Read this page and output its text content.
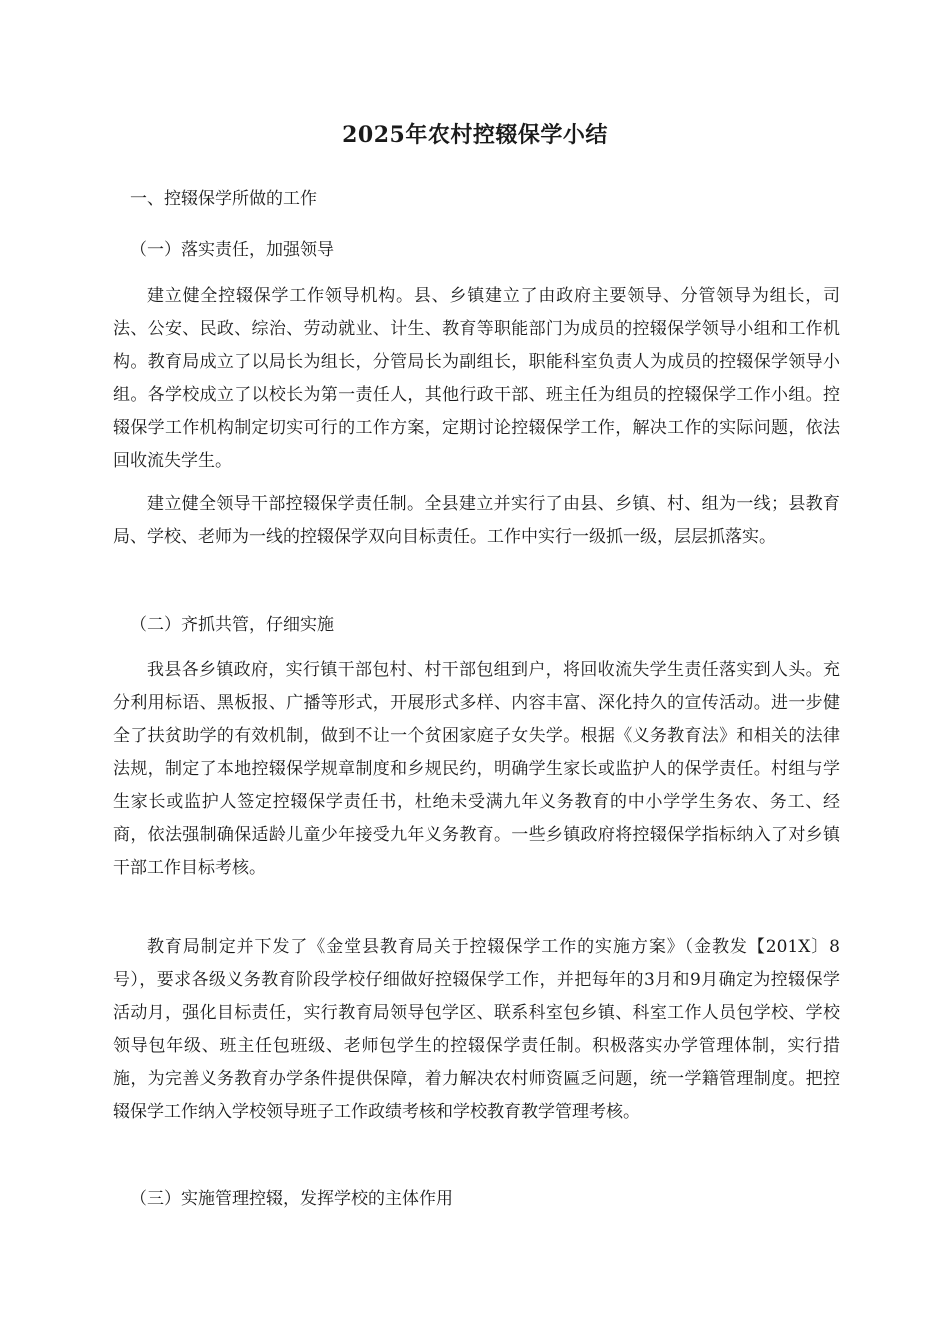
2025年农村控辍保学小结

一、控辍保学所做的工作

（一）落实责任，加强领导

建立健全控辍保学工作领导机构。县、乡镇建立了由政府主要领导、分管领导为组长，司法、公安、民政、综治、劳动就业、计生、教育等职能部门为成员的控辍保学领导小组和工作机构。教育局成立了以局长为组长，分管局长为副组长，职能科室负责人为成员的控辍保学领导小组。各学校成立了以校长为第一责任人，其他行政干部、班主任为组员的控辍保学工作小组。控辍保学工作机构制定切实可行的工作方案，定期讨论控辍保学工作，解决工作的实际问题，依法回收流失学生。

建立健全领导干部控辍保学责任制。全县建立并实行了由县、乡镇、村、组为一线；县教育局、学校、老师为一线的控辍保学双向目标责任。工作中实行一级抓一级，层层抓落实。

（二）齐抓共管，仔细实施

我县各乡镇政府，实行镇干部包村、村干部包组到户，将回收流失学生责任落实到人头。充分利用标语、黑板报、广播等形式，开展形式多样、内容丰富、深化持久的宣传活动。进一步健全了扶贫助学的有效机制，做到不让一个贫困家庭子女失学。根据《义务教育法》和相关的法律法规，制定了本地控辍保学规章制度和乡规民约，明确学生家长或监护人的保学责任。村组与学生家长或监护人签定控辍保学责任书，杜绝未受满九年义务教育的中小学学生务农、务工、经商，依法强制确保适龄儿童少年接受九年义务教育。一些乡镇政府将控辍保学指标纳入了对乡镇干部工作目标考核。

教育局制定并下发了《金堂县教育局关于控辍保学工作的实施方案》（金教发【201X〕8号），要求各级义务教育阶段学校仔细做好控辍保学工作，并把每年的3月和9月确定为控辍保学活动月，强化目标责任，实行教育局领导包学区、联系科室包乡镇、科室工作人员包学校、学校领导包年级、班主任包班级、老师包学生的控辍保学责任制。积极落实办学管理体制，实行措施，为完善义务教育办学条件提供保障，着力解决农村师资匾乏问题，统一学籍管理制度。把控辍保学工作纳入学校领导班子工作政绩考核和学校教育教学管理考核。

（三）实施管理控辍，发挥学校的主体作用
